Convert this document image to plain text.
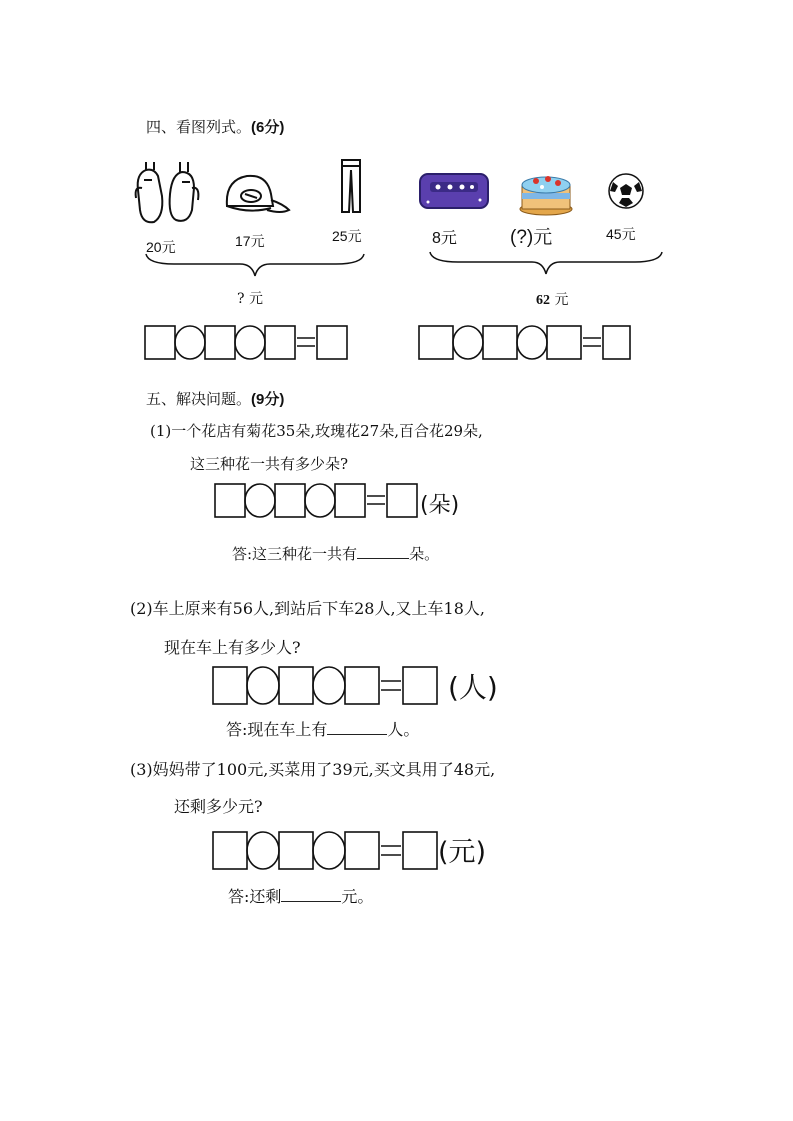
四、看图列式。(6分)
20元	17元	25元
? 元
8元	(?)元	45元
62 元
五、解决问题。(9分)
(1)一个花店有菊花35朵,玫瑰花27朵,百合花29朵,
这三种花一共有多少朵?
(朵)
答:这三种花一共有	朵。
(2)车上原来有56人,到站后下车28人,又上车18人,
现在车上有多少人?
(人)
答:现在车上有	人。
(3)妈妈带了100元,买菜用了39元,买文具用了48元,
还剩多少元?
(元)
答:还剩	元。
